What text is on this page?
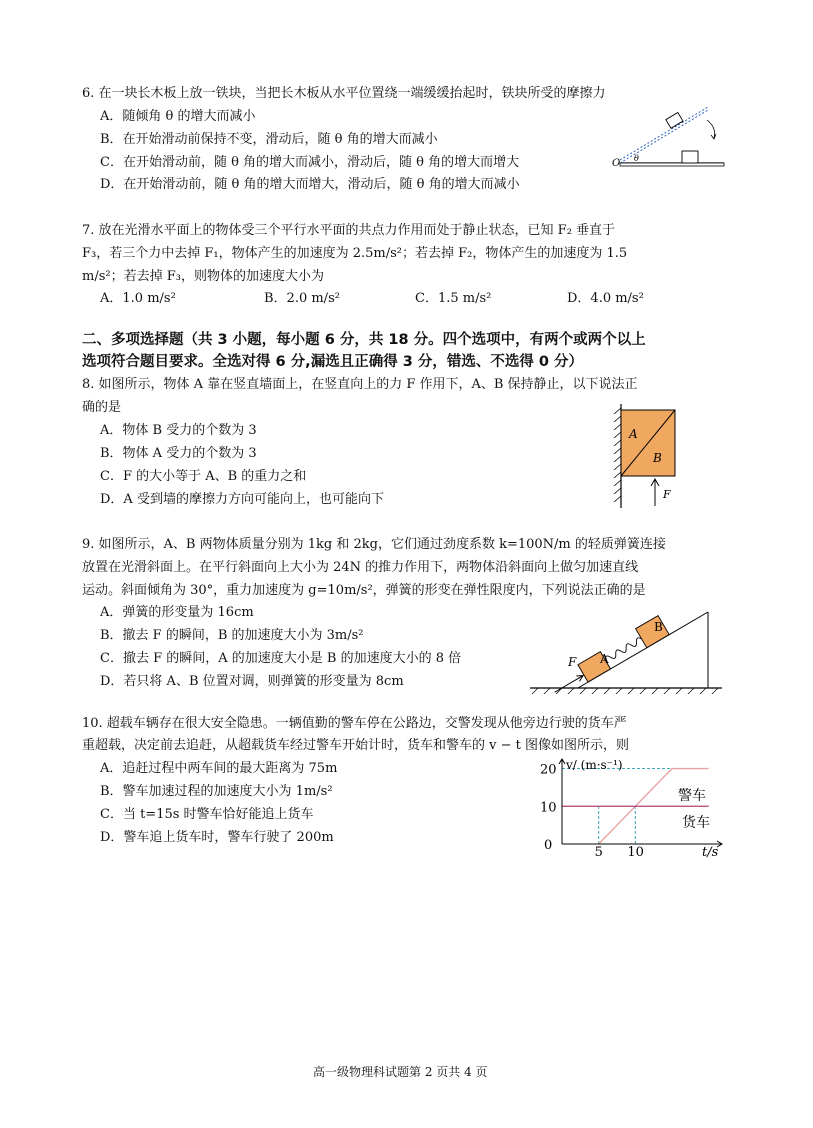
6. 在一块长木板上放一铁块，当把长木板从水平位置绕一端缓缓抬起时，铁块所受的摩擦力
A．随倾角 θ 的增大而减小
B．在开始滑动前保持不变，滑动后，随 θ 角的增大而减小
C．在开始滑动前，随 θ 角的增大而减小，滑动后，随 θ 角的增大而增大
D．在开始滑动前，随 θ 角的增大而增大，滑动后，随 θ 角的增大而减小
O θ
7. 放在光滑水平面上的物体受三个平行水平面的共点力作用而处于静止状态，已知 F₂ 垂直于
F₃，若三个力中去掉 F₁，物体产生的加速度为 2.5m/s²；若去掉 F₂，物体产生的加速度为 1.5
m/s²；若去掉 F₃，则物体的加速度大小为
A．1.0 m/s²	B．2.0 m/s²	C．1.5 m/s²	D．4.0 m/s²
二、多项选择题（共 3 小题，每小题 6 分，共 18 分。四个选项中，有两个或两个以上
选项符合题目要求。全选对得 6 分,漏选且正确得 3 分，错选、不选得 0 分）
8. 如图所示，物体 A 靠在竖直墙面上，在竖直向上的力 F 作用下，A、B 保持静止，以下说法正
确的是
A．物体 B 受力的个数为 3
B．物体 A 受力的个数为 3
C．F 的大小等于 A、B 的重力之和
D．A 受到墙的摩擦力方向可能向上，也可能向下
A
B
F
9. 如图所示，A、B 两物体质量分别为 1kg 和 2kg，它们通过劲度系数 k=100N/m 的轻质弹簧连接
放置在光滑斜面上。在平行斜面向上大小为 24N 的推力作用下，两物体沿斜面向上做匀加速直线
运动。斜面倾角为 30°，重力加速度为 g=10m/s²，弹簧的形变在弹性限度内，下列说法正确的是
A．弹簧的形变量为 16cm
B．撤去 F 的瞬间，B 的加速度大小为 3m/s²
C．撤去 F 的瞬间，A 的加速度大小是 B 的加速度大小的 8 倍
D．若只将 A、B 位置对调，则弹簧的形变量为 8cm
A
B
F
10. 超载车辆存在很大安全隐患。一辆值勤的警车停在公路边，交警发现从他旁边行驶的货车严
重超载，决定前去追赶，从超载货车经过警车开始计时，货车和警车的 v − t 图像如图所示，则
A．追赶过程中两车间的最大距离为 75m
B．警车加速过程的加速度大小为 1m/s²
C．当 t=15s 时警车恰好能追上货车
D．警车追上货车时，警车行驶了 200m
5 10
10
20 v/ (m·s⁻¹)
t/s
0
警车
货车
高一级物理科试题第 2 页共 4 页
